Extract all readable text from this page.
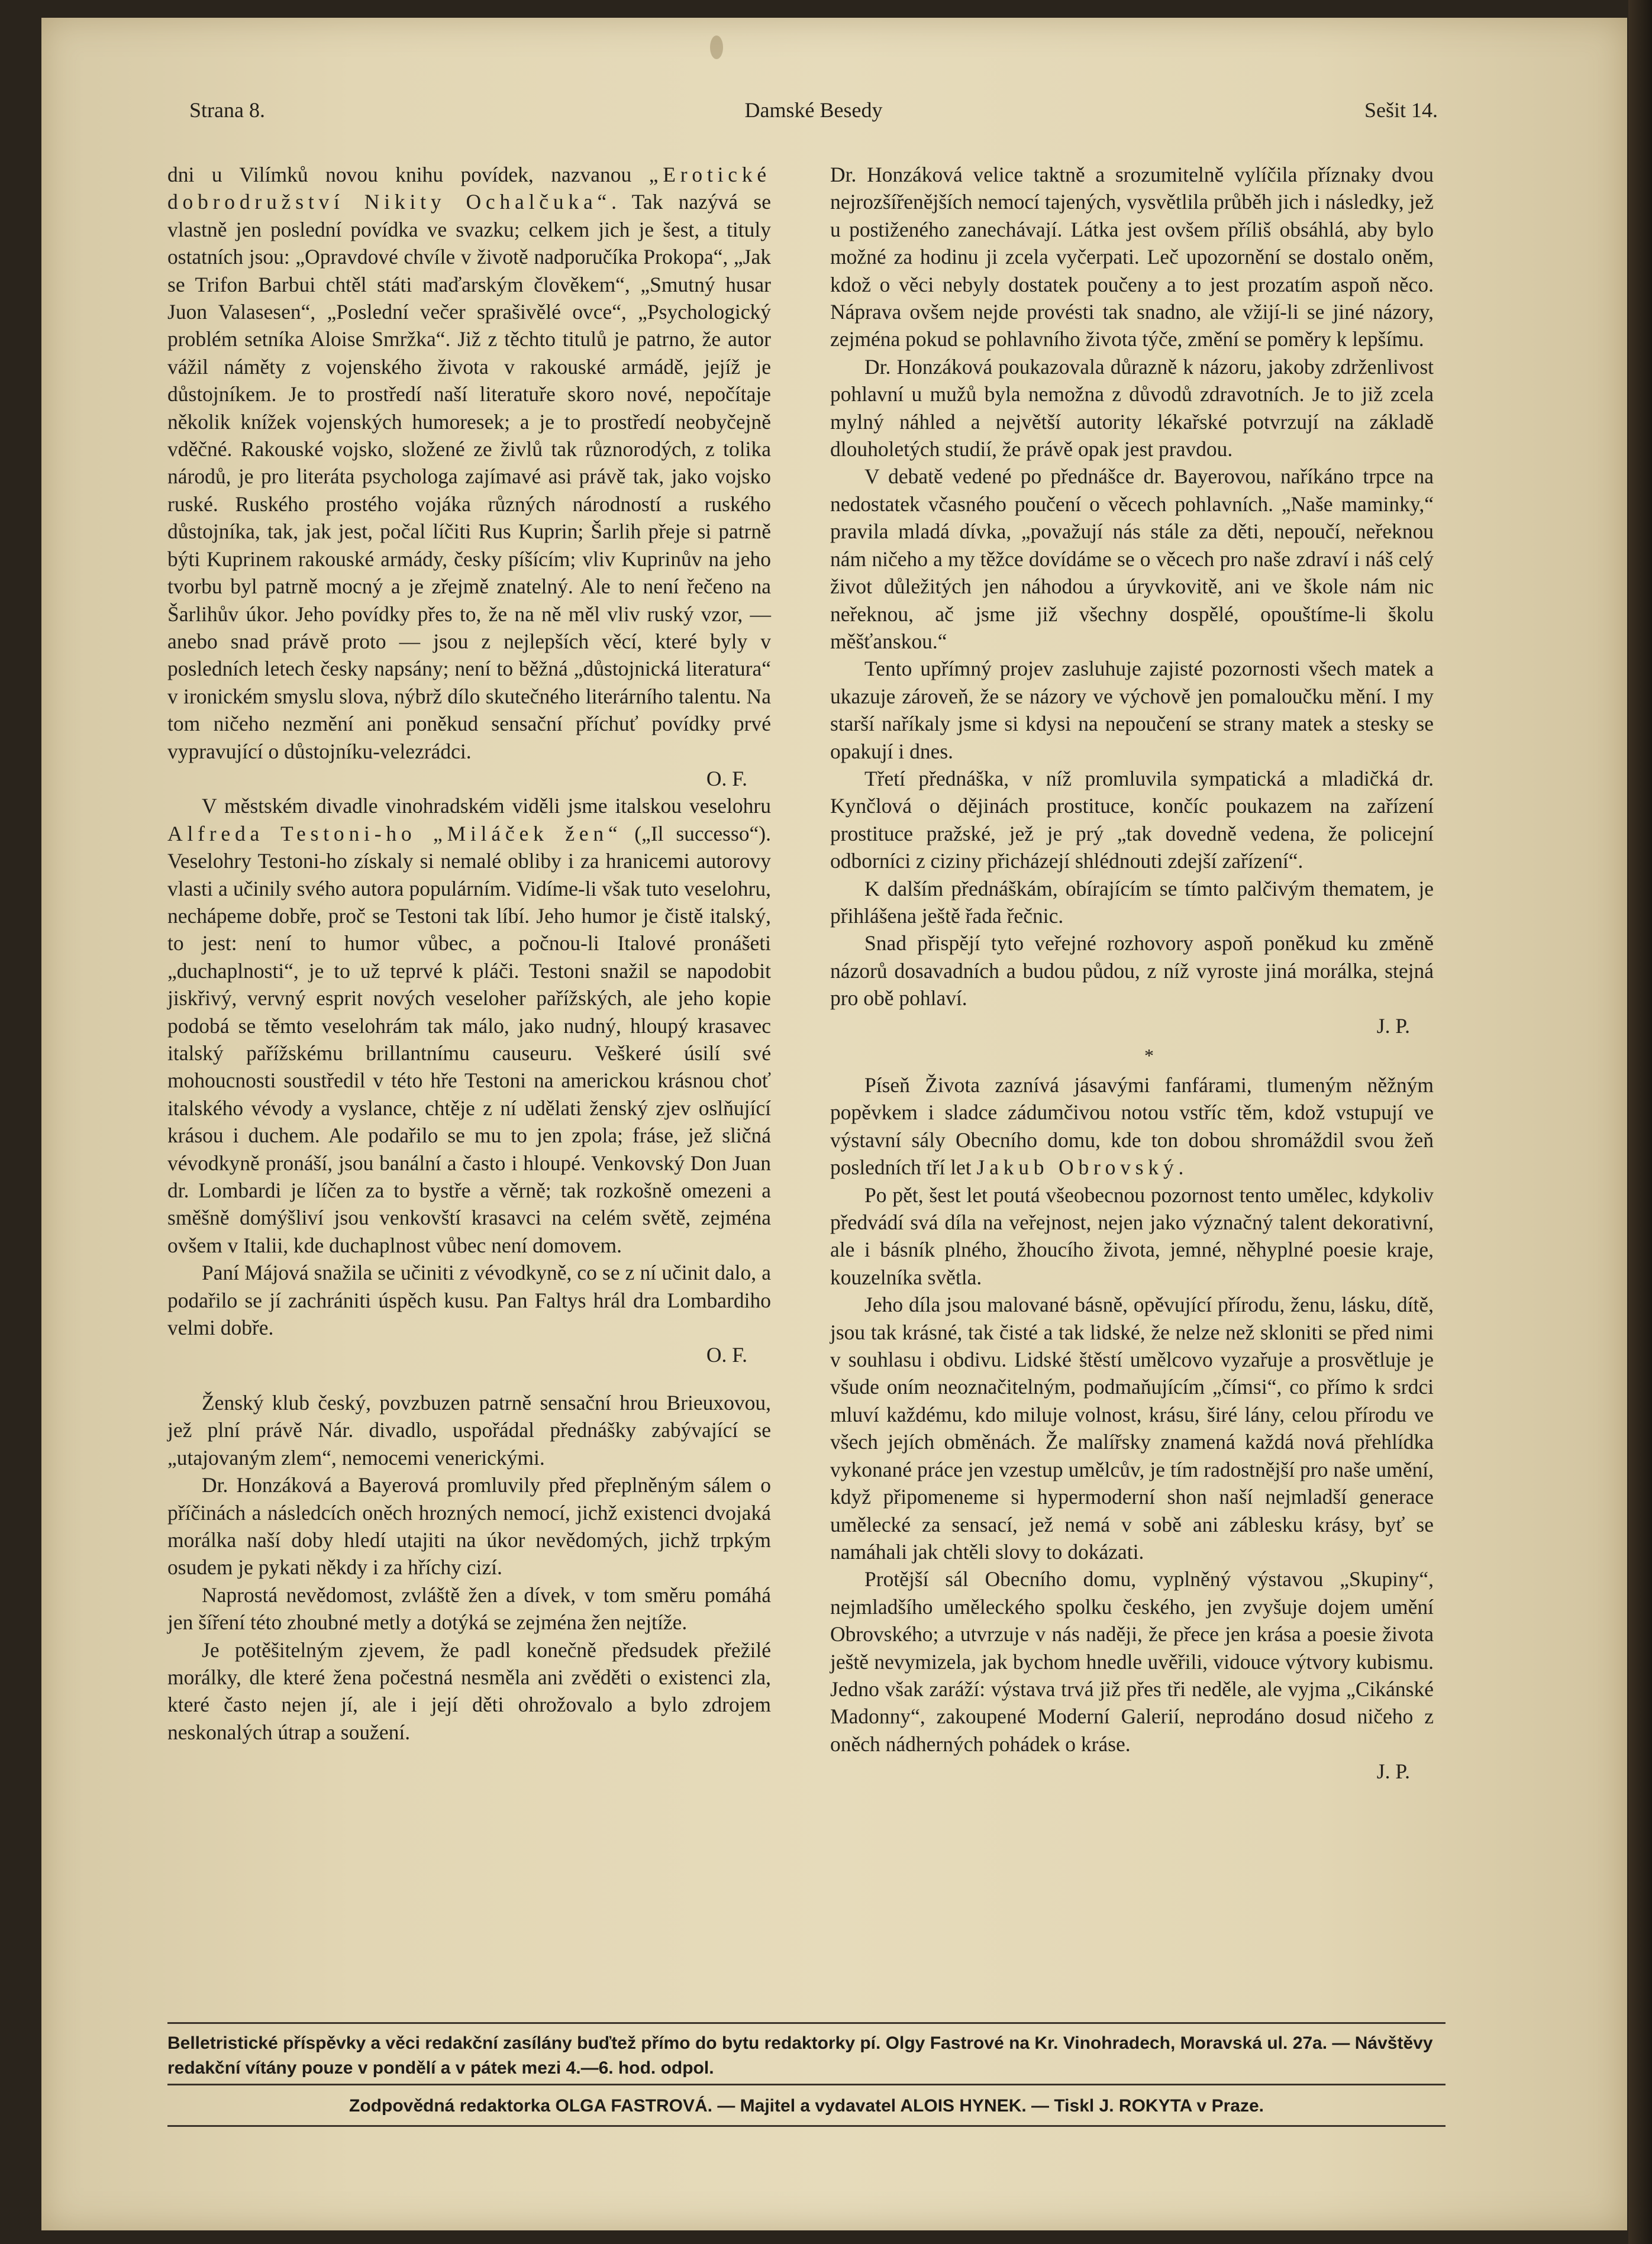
Strana 8.	Damské Besedy	Sešit 14.

dni u Vilímků novou knihu povídek, nazvanou „Erotické dobrodružství Nikity Ochalčuka“. Tak nazývá se vlastně jen poslední povídka ve svazku; celkem jich je šest, a tituly ostatních jsou: „Opravdové chvíle v životě nadporučíka Prokopa“, „Jak se Trifon Barbui chtěl státi maďarským člověkem“, „Smutný husar Juon Valasesen“, „Poslední večer sprašivělé ovce“, „Psychologický problém setníka Aloise Smržka“. Již z těchto titulů je patrno, že autor vážil náměty z vojenského života v rakouské armádě, jejíž je důstojníkem. Je to prostředí naší literatuře skoro nové, nepočítaje několik knížek vojenských humoresek; a je to prostředí neobyčejně vděčné. Rakouské vojsko, složené ze živlů tak různorodých, z tolika národů, je pro literáta psychologa zajímavé asi právě tak, jako vojsko ruské. Ruského prostého vojáka různých národností a ruského důstojníka, tak, jak jest, počal líčiti Rus Kuprin; Šarlih přeje si patrně býti Kuprinem rakouské armády, česky píšícím; vliv Kuprinův na jeho tvorbu byl patrně mocný a je zřejmě znatelný. Ale to není řečeno na Šarlihův úkor. Jeho povídky přes to, že na ně měl vliv ruský vzor, — anebo snad právě proto — jsou z nejlepších věcí, které byly v posledních letech česky napsány; není to běžná „důstojnická literatura“ v ironickém smyslu slova, nýbrž dílo skutečného literárního talentu. Na tom ničeho nezmění ani poněkud sensační příchuť povídky prvé vypravující o důstojníku-velezrádci.

O. F.

V městském divadle vinohradském viděli jsme italskou veselohru Alfreda Testoni-ho „Miláček žen“ („Il successo“). Veselohry Testoni-ho získaly si nemalé obliby i za hranicemi autorovy vlasti a učinily svého autora populárním. Vidíme-li však tuto veselohru, nechápeme dobře, proč se Testoni tak líbí. Jeho humor je čistě italský, to jest: není to humor vůbec, a počnou-li Italové pronášeti „duchaplnosti“, je to už teprvé k pláči. Testoni snažil se napodobit jiskřivý, vervný esprit nových veseloher pařížských, ale jeho kopie podobá se těmto veselohrám tak málo, jako nudný, hloupý krasavec italský pařížskému brillantnímu causeuru. Veškeré úsilí své mohoucnosti soustředil v této hře Testoni na americkou krásnou choť italského vévody a vyslance, chtěje z ní udělati ženský zjev oslňující krásou i duchem. Ale podařilo se mu to jen zpola; fráse, jež sličná vévodkyně pronáší, jsou banální a často i hloupé. Venkovský Don Juan dr. Lombardi je líčen za to bystře a věrně; tak rozkošně omezeni a směšně domýšliví jsou venkovští krasavci na celém světě, zejména ovšem v Italii, kde duchaplnost vůbec není domovem.

Paní Májová snažila se učiniti z vévodkyně, co se z ní učinit dalo, a podařilo se jí zachrániti úspěch kusu. Pan Faltys hrál dra Lombardiho velmi dobře.

O. F.

Ženský klub český, povzbuzen patrně sensační hrou Brieuxovou, jež plní právě Nár. divadlo, uspořádal přednášky zabývající se „utajovaným zlem“, nemocemi venerickými.

Dr. Honzáková a Bayerová promluvily před přeplněným sálem o příčinách a následcích oněch hrozných nemocí, jichž existenci dvojaká morálka naší doby hledí utajiti na úkor nevědomých, jichž trpkým osudem je pykati někdy i za hříchy cizí.

Naprostá nevědomost, zvláště žen a dívek, v tom směru pomáhá jen šíření této zhoubné metly a dotýká se zejména žen nejtíže.

Je potěšitelným zjevem, že padl konečně předsudek přežilé morálky, dle které žena počestná nesměla ani zvěděti o existenci zla, které často nejen jí, ale i její děti ohrožovalo a bylo zdrojem neskonalých útrap a soužení.

Dr. Honzáková velice taktně a srozumitelně vylíčila příznaky dvou nejrozšířenějších nemocí tajených, vysvětlila průběh jich i následky, jež u postiženého zanechávají. Látka jest ovšem příliš obsáhlá, aby bylo možné za hodinu ji zcela vyčerpati. Leč upozornění se dostalo oněm, kdož o věci nebyly dostatek poučeny a to jest prozatím aspoň něco. Náprava ovšem nejde provésti tak snadno, ale vžijí-li se jiné názory, zejména pokud se pohlavního života týče, změní se poměry k lepšímu.

Dr. Honzáková poukazovala důrazně k názoru, jakoby zdrženlivost pohlavní u mužů byla nemožna z důvodů zdravotních. Je to již zcela mylný náhled a největší autority lékařské potvrzují na základě dlouholetých studií, že právě opak jest pravdou.

V debatě vedené po přednášce dr. Bayerovou, naříkáno trpce na nedostatek včasného poučení o věcech pohlavních. „Naše maminky,“ pravila mladá dívka, „považují nás stále za děti, nepoučí, neřeknou nám ničeho a my těžce dovídáme se o věcech pro naše zdraví i náš celý život důležitých jen náhodou a úryvkovitě, ani ve škole nám nic neřeknou, ač jsme již všechny dospělé, opouštíme-li školu měšťanskou.“

Tento upřímný projev zasluhuje zajisté pozornosti všech matek a ukazuje zároveň, že se názory ve výchově jen pomaloučku mění. I my starší naříkaly jsme si kdysi na nepoučení se strany matek a stesky se opakují i dnes.

Třetí přednáška, v níž promluvila sympatická a mladičká dr. Kynčlová o dějinách prostituce, končíc poukazem na zařízení prostituce pražské, jež je prý „tak dovedně vedena, že policejní odborníci z ciziny přicházejí shlédnouti zdejší zařízení“.

K dalším přednáškám, obírajícím se tímto palčivým thematem, je přihlášena ještě řada řečnic.

Snad přispějí tyto veřejné rozhovory aspoň poněkud ku změně názorů dosavadních a budou půdou, z níž vyroste jiná morálka, stejná pro obě pohlaví.

J. P.

*

Píseň Života zaznívá jásavými fanfárami, tlumeným něžným popěvkem i sladce zádumčivou notou vstříc těm, kdož vstupují ve výstavní sály Obecního domu, kde ton dobou shromáždil svou žeň posledních tří let Jakub Obrovský.

Po pět, šest let poutá všeobecnou pozornost tento umělec, kdykoliv předvádí svá díla na veřejnost, nejen jako význačný talent dekorativní, ale i básník plného, žhoucího života, jemné, něhyplné poesie kraje, kouzelníka světla.

Jeho díla jsou malované básně, opěvující přírodu, ženu, lásku, dítě, jsou tak krásné, tak čisté a tak lidské, že nelze než skloniti se před nimi v souhlasu i obdivu. Lidské štěstí umělcovo vyzařuje a prosvětluje je všude oním neoznačitelným, podmaňujícím „čímsi“, co přímo k srdci mluví každému, kdo miluje volnost, krásu, širé lány, celou přírodu ve všech jejích obměnách. Že malířsky znamená každá nová přehlídka vykonané práce jen vzestup umělcův, je tím radostnější pro naše umění, když připomeneme si hypermoderní shon naší nejmladší generace umělecké za sensací, jež nemá v sobě ani záblesku krásy, byť se namáhali jak chtěli slovy to dokázati.

Protější sál Obecního domu, vyplněný výstavou „Skupiny“, nejmladšího uměleckého spolku českého, jen zvyšuje dojem umění Obrovského; a utvrzuje v nás naději, že přece jen krása a poesie života ještě nevymizela, jak bychom hnedle uvěřili, vidouce výtvory kubismu. Jedno však zaráží: výstava trvá již přes tři neděle, ale vyjma „Cikánské Madonny“, zakoupené Moderní Galerií, neprodáno dosud ničeho z oněch nádherných pohádek o kráse.

J. P.

Belletristické příspěvky a věci redakční zasílány buďtež přímo do bytu redaktorky pí. Olgy Fastrové na Kr. Vinohradech, Moravská ul. 27a. — Návštěvy redakční vítány pouze v pondělí a v pátek mezi 4.—6. hod. odpol.
Zodpovědná redaktorka OLGA FASTROVÁ. — Majitel a vydavatel ALOIS HYNEK. — Tiskl J. ROKYTA v Praze.
